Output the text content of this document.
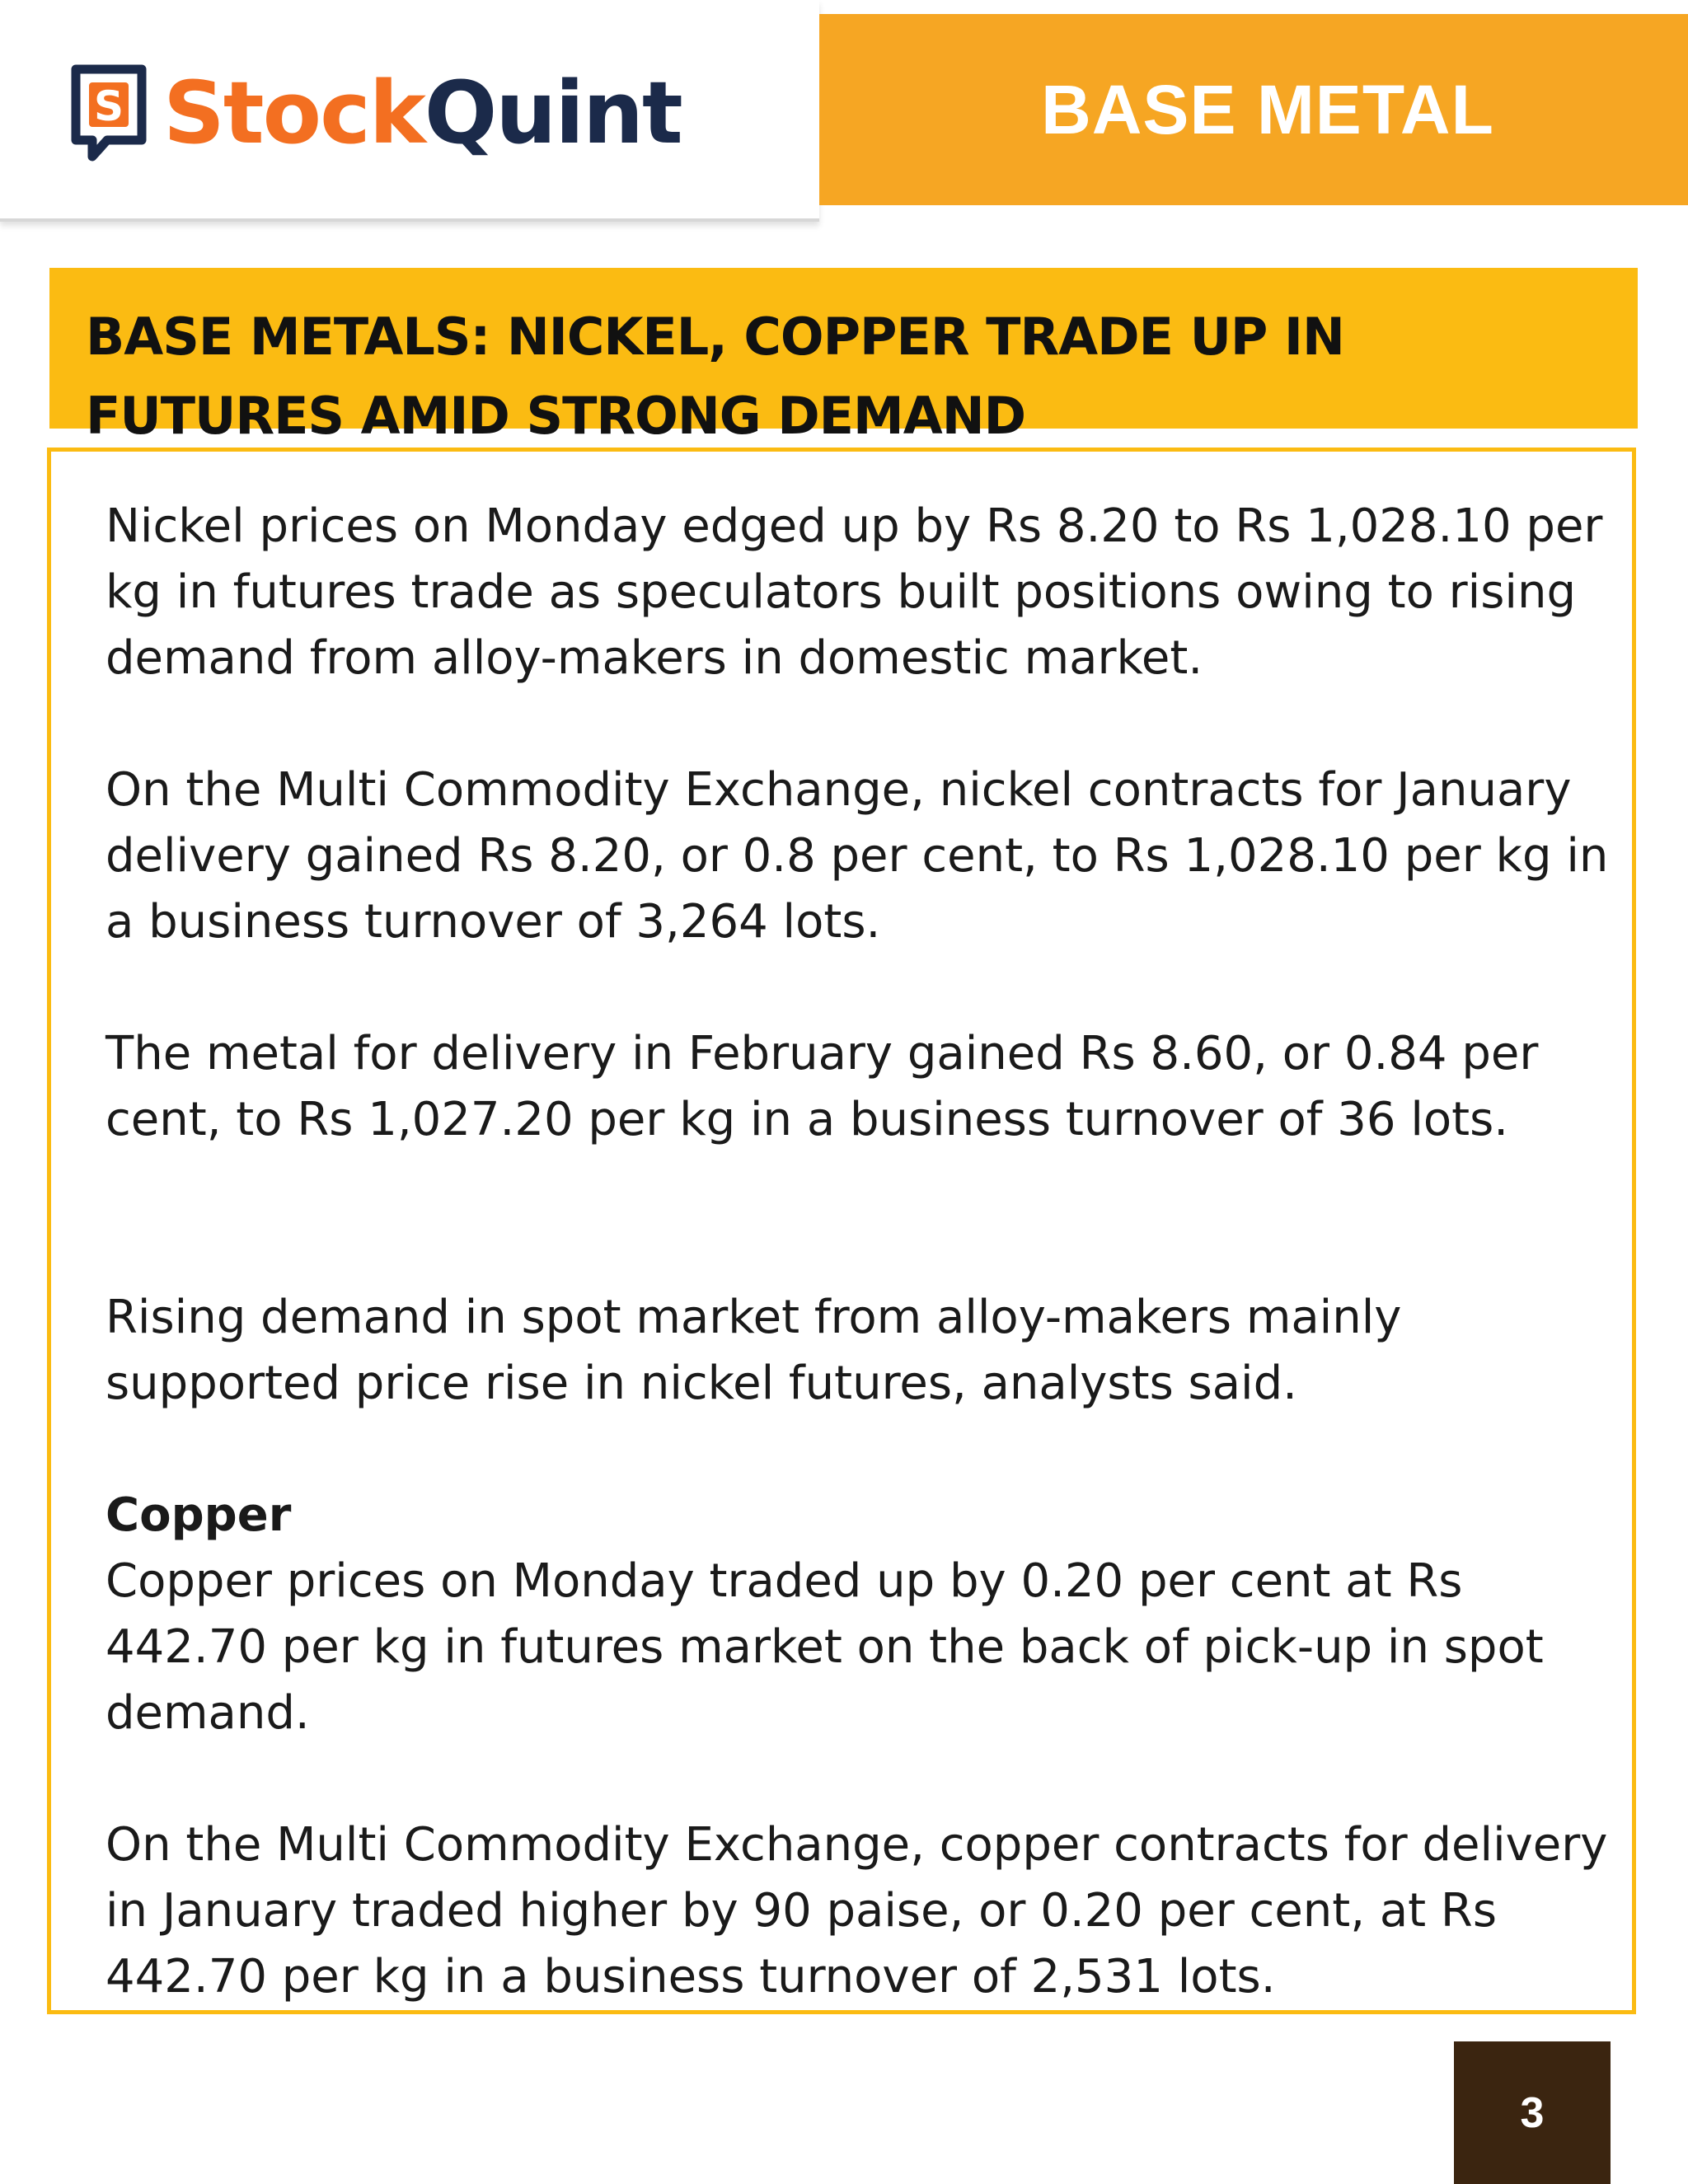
S StockQuint	BASE METAL
BASE METALS: NICKEL, COPPER TRADE UP IN FUTURES AMID STRONG DEMAND

Nickel prices on Monday edged up by Rs 8.20 to Rs 1,028.10 per kg in futures trade as speculators built positions owing to rising demand from alloy-makers in domestic market.

On the Multi Commodity Exchange, nickel contracts for January delivery gained Rs 8.20, or 0.8 per cent, to Rs 1,028.10 per kg in a business turnover of 3,264 lots.

The metal for delivery in February gained Rs 8.60, or 0.84 per cent, to Rs 1,027.20 per kg in a business turnover of 36 lots.

Rising demand in spot market from alloy-makers mainly supported price rise in nickel futures, analysts said.

Copper

Copper prices on Monday traded up by 0.20 per cent at Rs 442.70 per kg in futures market on the back of pick-up in spot demand.

On the Multi Commodity Exchange, copper contracts for delivery in January traded higher by 90 paise, or 0.20 per cent, at Rs 442.70 per kg in a business turnover of 2,531 lots.

3
